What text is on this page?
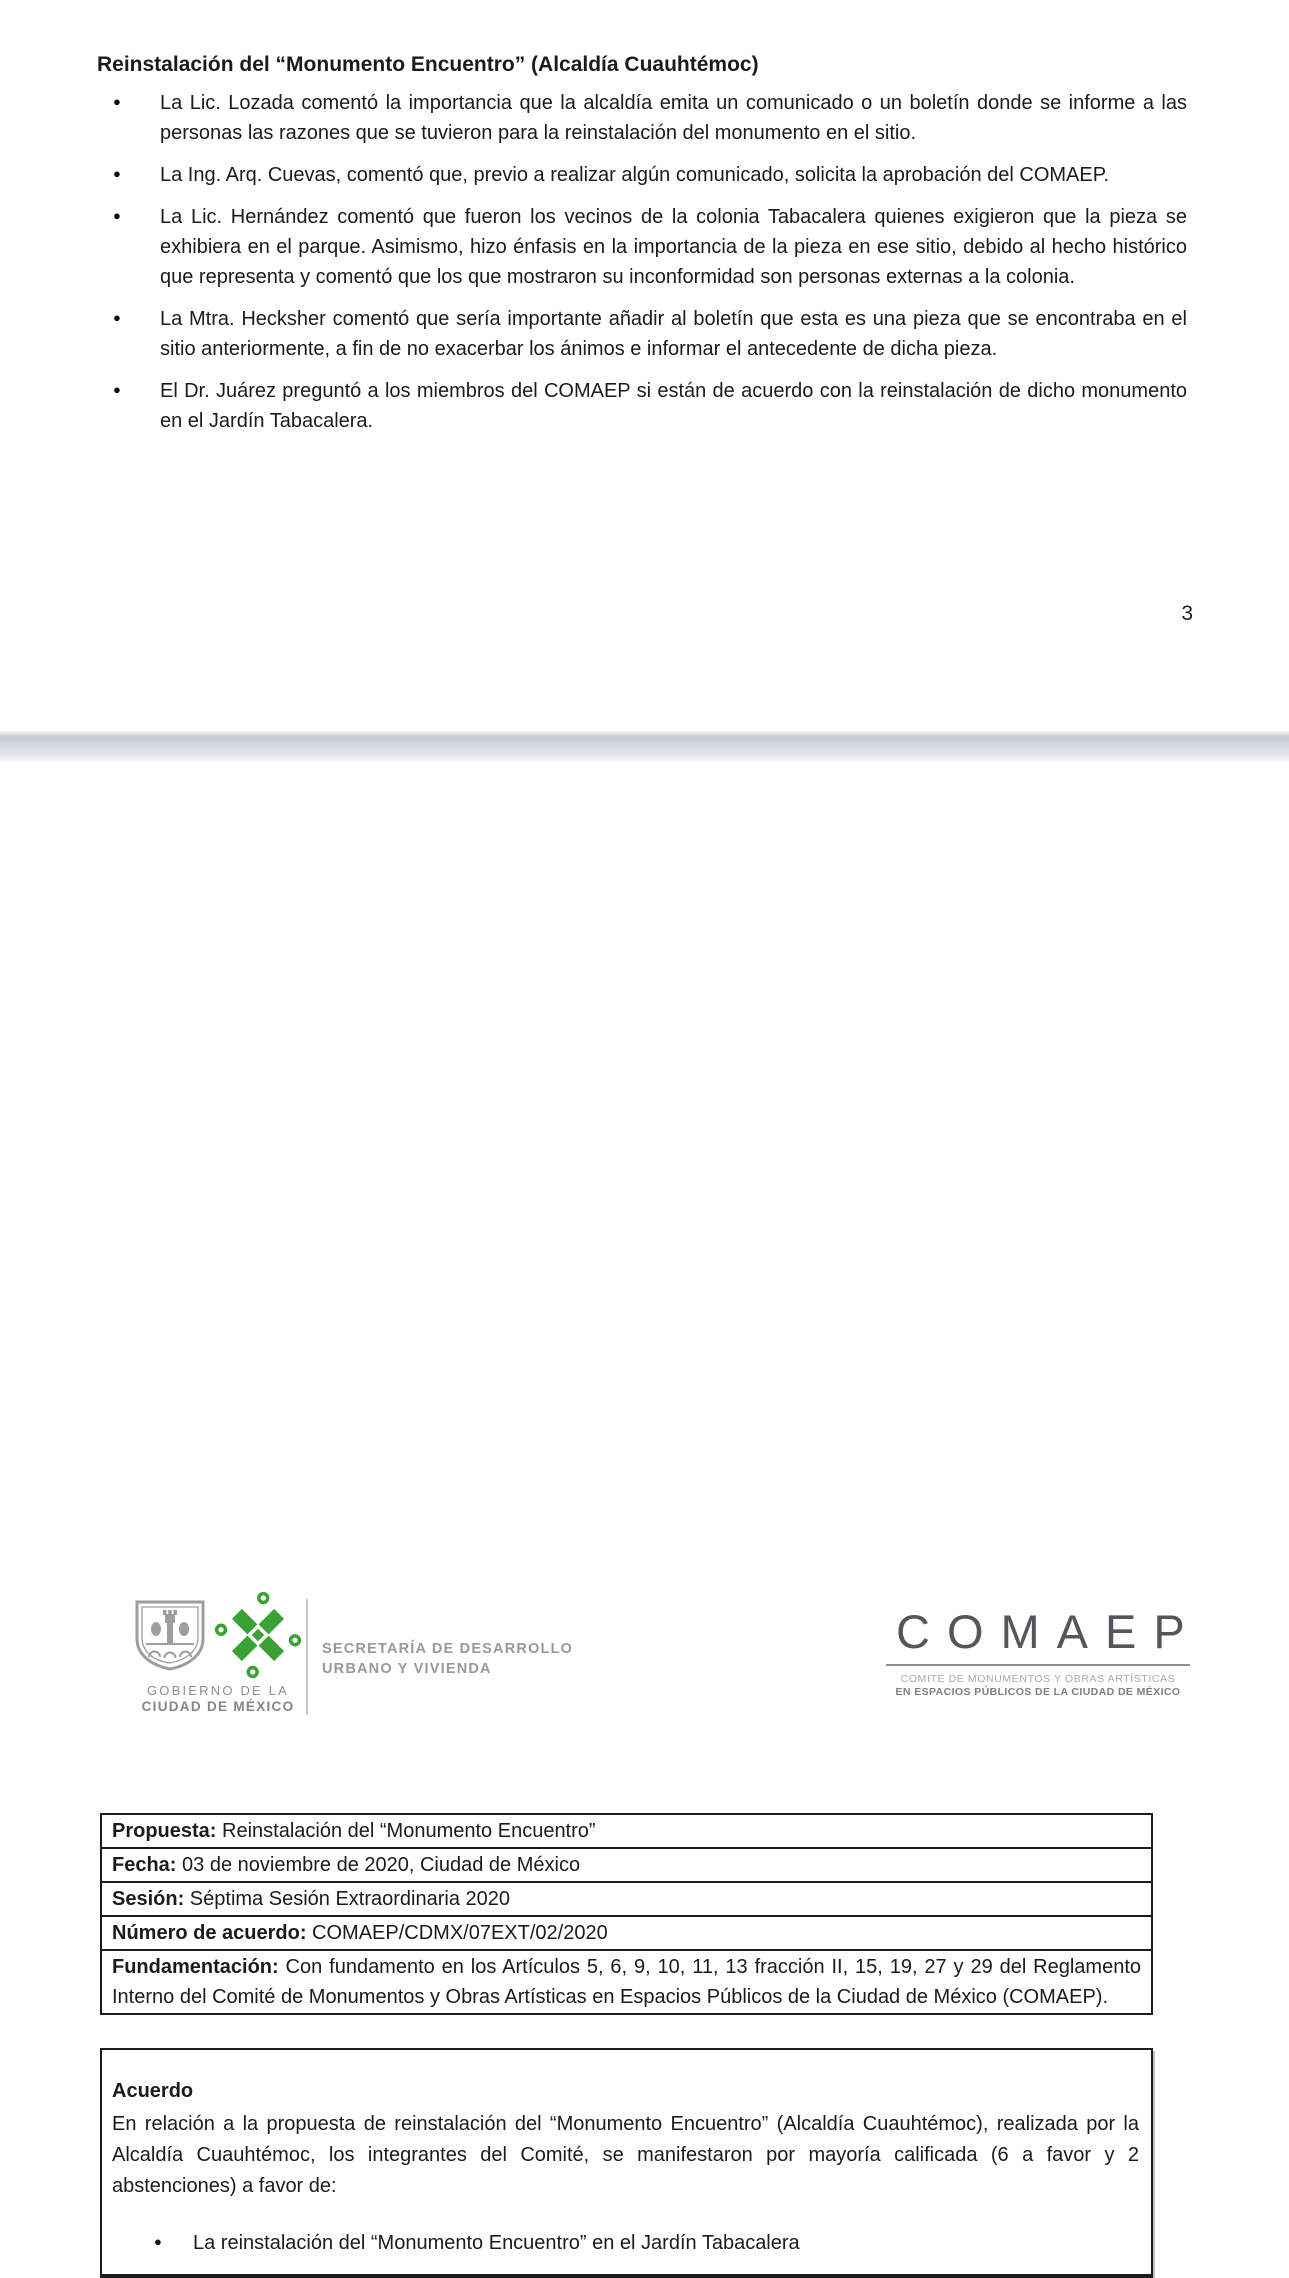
Reinstalación del “Monumento Encuentro” (Alcaldía Cuauhtémoc)
● La Lic. Lozada comentó la importancia que la alcaldía emita un comunicado o un boletín donde se informe a las personas las razones que se tuvieron para la reinstalación del monumento en el sitio.
● La Ing. Arq. Cuevas, comentó que, previo a realizar algún comunicado, solicita la aprobación del COMAEP.
● La Lic. Hernández comentó que fueron los vecinos de la colonia Tabacalera quienes exigieron que la pieza se exhibiera en el parque. Asimismo, hizo énfasis en la importancia de la pieza en ese sitio, debido al hecho histórico que representa y comentó que los que mostraron su inconformidad son personas externas a la colonia.
● La Mtra. Hecksher comentó que sería importante añadir al boletín que esta es una pieza que se encontraba en el sitio anteriormente, a fin de no exacerbar los ánimos e informar el antecedente de dicha pieza.
● El Dr. Juárez preguntó a los miembros del COMAEP si están de acuerdo con la reinstalación de dicho monumento en el Jardín Tabacalera.
3
GOBIERNO DE LA
CIUDAD DE MÉXICO
SECRETARÍA DE DESARROLLO
URBANO Y VIVIENDA
COMAEP
COMITÉ DE MONUMENTOS Y OBRAS ARTÍSTICAS
EN ESPACIOS PÚBLICOS DE LA CIUDAD DE MÉXICO
Propuesta: Reinstalación del “Monumento Encuentro”
Fecha: 03 de noviembre de 2020, Ciudad de México
Sesión: Séptima Sesión Extraordinaria 2020
Número de acuerdo: COMAEP/CDMX/07EXT/02/2020
Fundamentación: Con fundamento en los Artículos 5, 6, 9, 10, 11, 13 fracción II, 15, 19, 27 y 29 del Reglamento Interno del Comité de Monumentos y Obras Artísticas en Espacios Públicos de la Ciudad de México (COMAEP).
Acuerdo

En relación a la propuesta de reinstalación del “Monumento Encuentro” (Alcaldía Cuauhtémoc), realizada por la Alcaldía Cuauhtémoc, los integrantes del Comité, se manifestaron por mayoría calificada (6 a favor y 2 abstenciones) a favor de:

● La reinstalación del “Monumento Encuentro” en el Jardín Tabacalera
